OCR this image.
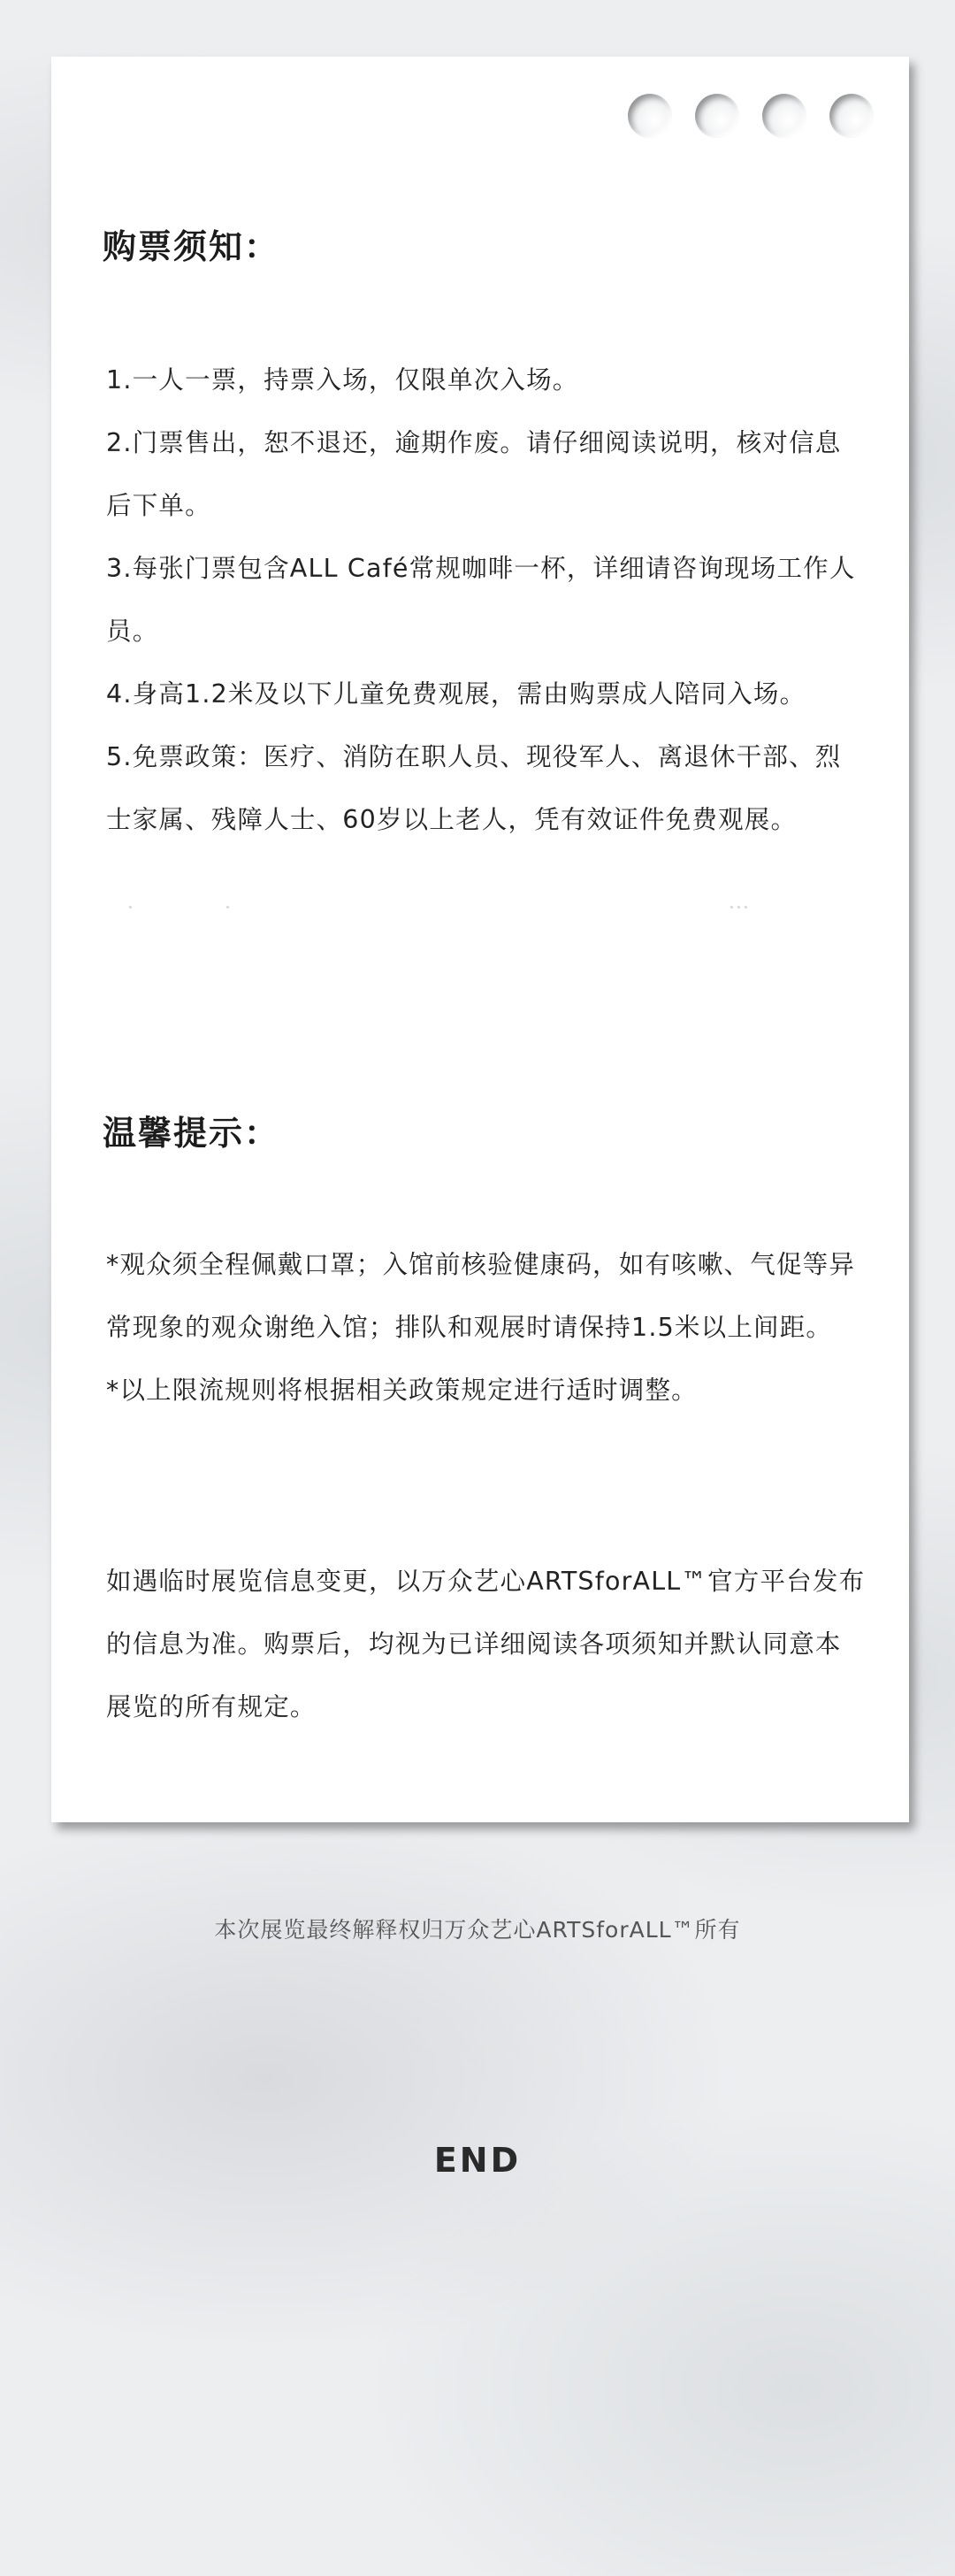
购票须知：

1.一人一票，持票入场，仅限单次入场。

2.门票售出，恕不退还，逾期作废。请仔细阅读说明，核对信息后下单。

3.每张门票包含ALL Café常规咖啡一杯，详细请咨询现场工作人员。

4.身高1.2米及以下儿童免费观展，需由购票成人陪同入场。

5.免票政策：医疗、消防在职人员、现役军人、离退休干部、烈士家属、残障人士、60岁以上老人，凭有效证件免费观展。

温馨提示：

*观众须全程佩戴口罩；入馆前核验健康码，如有咳嗽、气促等异常现象的观众谢绝入馆；排队和观展时请保持1.5米以上间距。

*以上限流规则将根据相关政策规定进行适时调整。

如遇临时展览信息变更，以万众艺心ARTSforALL™官方平台发布的信息为准。购票后，均视为已详细阅读各项须知并默认同意本展览的所有规定。

本次展览最终解释权归万众艺心ARTSforALL™所有
END
